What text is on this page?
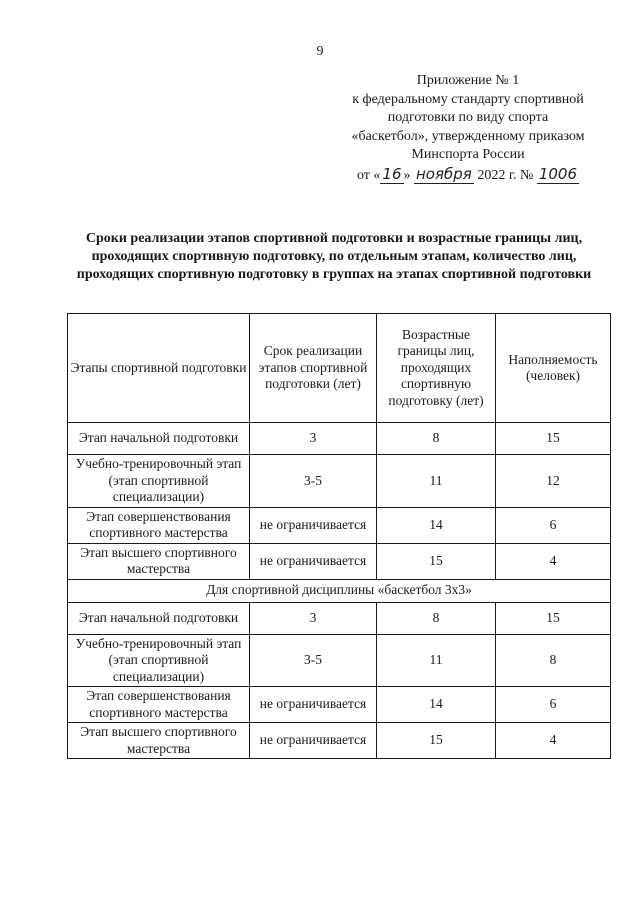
9
Приложение № 1
к федеральному стандарту спортивной
подготовки по виду спорта
«баскетбол», утвержденному приказом
Минспорта России
от « 16 » ноября 2022 г. № 1006
Сроки реализации этапов спортивной подготовки и возрастные границы лиц, проходящих спортивную подготовку, по отдельным этапам, количество лиц, проходящих спортивную подготовку в группах на этапах спортивной подготовки
Этапы спортивной подготовки	Срок реализации этапов спортивной подготовки (лет)	Возрастные границы лиц, проходящих спортивную подготовку (лет)	Наполняемость (человек)
Этап начальной подготовки	3	8	15
Учебно-тренировочный этап (этап спортивной специализации)	3-5	11	12
Этап совершенствования спортивного мастерства	не ограничивается	14	6
Этап высшего спортивного мастерства	не ограничивается	15	4
Для спортивной дисциплины «баскетбол 3x3»			
Этап начальной подготовки	3	8	15
Учебно-тренировочный этап (этап спортивной специализации)	3-5	11	8
Этап совершенствования спортивного мастерства	не ограничивается	14	6
Этап высшего спортивного мастерства	не ограничивается	15	4
